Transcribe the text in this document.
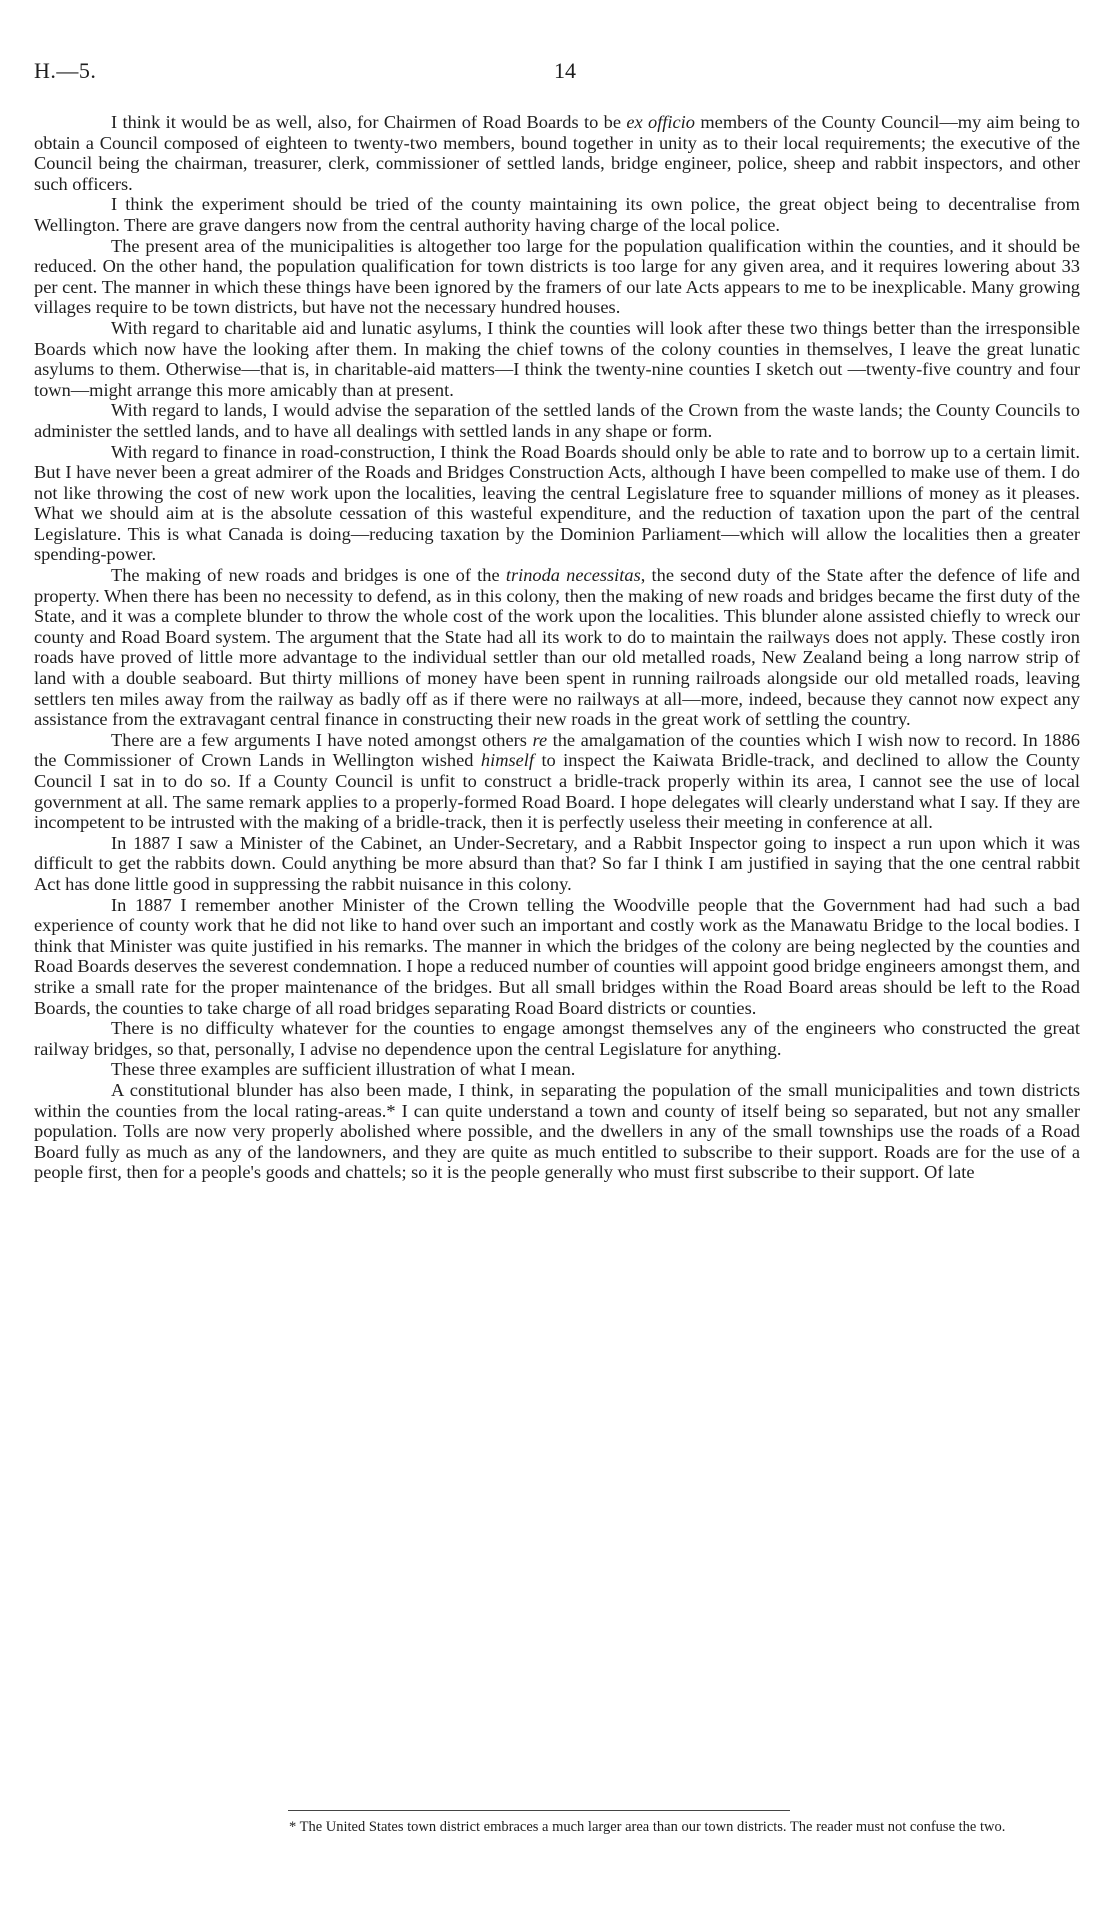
H.—5.	14

I think it would be as well, also, for Chairmen of Road Boards to be ex officio members of the County Council—my aim being to obtain a Council composed of eighteen to twenty-two members, bound together in unity as to their local requirements; the executive of the Council being the chairman, treasurer, clerk, commissioner of settled lands, bridge engineer, police, sheep and rabbit inspectors, and other such officers.

I think the experiment should be tried of the county maintaining its own police, the great object being to decentralise from Wellington. There are grave dangers now from the central authority having charge of the local police.

The present area of the municipalities is altogether too large for the population qualification within the counties, and it should be reduced. On the other hand, the population qualification for town districts is too large for any given area, and it requires lowering about 33 per cent. The manner in which these things have been ignored by the framers of our late Acts appears to me to be inexplicable. Many growing villages require to be town districts, but have not the necessary hundred houses.

With regard to charitable aid and lunatic asylums, I think the counties will look after these two things better than the irresponsible Boards which now have the looking after them. In making the chief towns of the colony counties in themselves, I leave the great lunatic asylums to them. Otherwise—that is, in charitable-aid matters—I think the twenty-nine counties I sketch out —twenty-five country and four town—might arrange this more amicably than at present.

With regard to lands, I would advise the separation of the settled lands of the Crown from the waste lands; the County Councils to administer the settled lands, and to have all dealings with settled lands in any shape or form.

With regard to finance in road-construction, I think the Road Boards should only be able to rate and to borrow up to a certain limit. But I have never been a great admirer of the Roads and Bridges Construction Acts, although I have been compelled to make use of them. I do not like throwing the cost of new work upon the localities, leaving the central Legislature free to squander millions of money as it pleases. What we should aim at is the absolute cessation of this wasteful expenditure, and the reduction of taxation upon the part of the central Legislature. This is what Canada is doing—reducing taxation by the Dominion Parliament—which will allow the localities then a greater spending-power.

The making of new roads and bridges is one of the trinoda necessitas, the second duty of the State after the defence of life and property. When there has been no necessity to defend, as in this colony, then the making of new roads and bridges became the first duty of the State, and it was a complete blunder to throw the whole cost of the work upon the localities. This blunder alone assisted chiefly to wreck our county and Road Board system. The argument that the State had all its work to do to maintain the railways does not apply. These costly iron roads have proved of little more advantage to the individual settler than our old metalled roads, New Zealand being a long narrow strip of land with a double seaboard. But thirty millions of money have been spent in running railroads alongside our old metalled roads, leaving settlers ten miles away from the railway as badly off as if there were no railways at all—more, indeed, because they cannot now expect any assistance from the extravagant central finance in constructing their new roads in the great work of settling the country.

There are a few arguments I have noted amongst others re the amalgamation of the counties which I wish now to record. In 1886 the Commissioner of Crown Lands in Wellington wished himself to inspect the Kaiwata Bridle-track, and declined to allow the County Council I sat in to do so. If a County Council is unfit to construct a bridle-track properly within its area, I cannot see the use of local government at all. The same remark applies to a properly-formed Road Board. I hope delegates will clearly understand what I say. If they are incompetent to be intrusted with the making of a bridle-track, then it is perfectly useless their meeting in conference at all.

In 1887 I saw a Minister of the Cabinet, an Under-Secretary, and a Rabbit Inspector going to inspect a run upon which it was difficult to get the rabbits down. Could anything be more absurd than that? So far I think I am justified in saying that the one central rabbit Act has done little good in suppressing the rabbit nuisance in this colony.

In 1887 I remember another Minister of the Crown telling the Woodville people that the Government had had such a bad experience of county work that he did not like to hand over such an important and costly work as the Manawatu Bridge to the local bodies. I think that Minister was quite justified in his remarks. The manner in which the bridges of the colony are being neglected by the counties and Road Boards deserves the severest condemnation. I hope a reduced number of counties will appoint good bridge engineers amongst them, and strike a small rate for the proper maintenance of the bridges. But all small bridges within the Road Board areas should be left to the Road Boards, the counties to take charge of all road bridges separating Road Board districts or counties.

There is no difficulty whatever for the counties to engage amongst themselves any of the engineers who constructed the great railway bridges, so that, personally, I advise no dependence upon the central Legislature for anything.

These three examples are sufficient illustration of what I mean.

A constitutional blunder has also been made, I think, in separating the population of the small municipalities and town districts within the counties from the local rating-areas.* I can quite understand a town and county of itself being so separated, but not any smaller population. Tolls are now very properly abolished where possible, and the dwellers in any of the small townships use the roads of a Road Board fully as much as any of the landowners, and they are quite as much entitled to subscribe to their support. Roads are for the use of a people first, then for a people's goods and chattels; so it is the people generally who must first subscribe to their support. Of late

* The United States town district embraces a much larger area than our town districts. The reader must not confuse the two.
